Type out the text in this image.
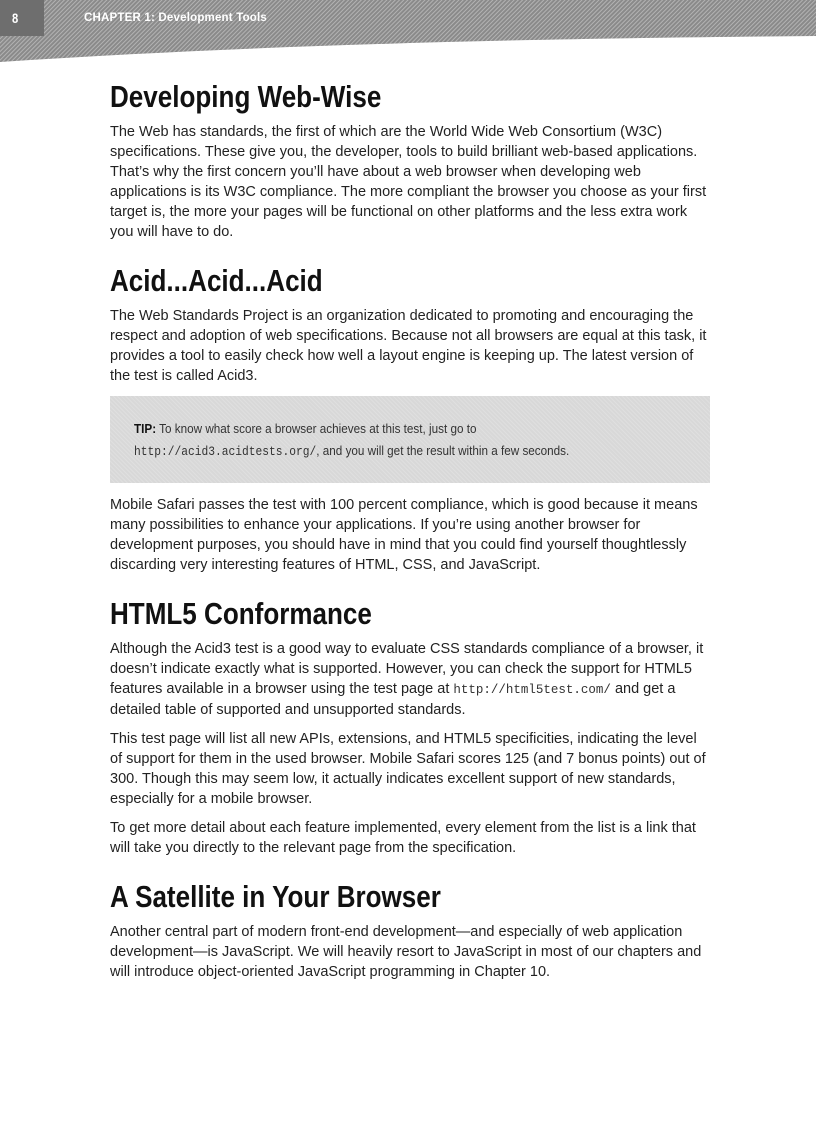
8	CHAPTER 1: Development Tools
Developing Web-Wise

The Web has standards, the first of which are the World Wide Web Consortium (W3C) specifications. These give you, the developer, tools to build brilliant web-based applications. That’s why the first concern you’ll have about a web browser when developing web applications is its W3C compliance. The more compliant the browser you choose as your first target is, the more your pages will be functional on other platforms and the less extra work you will have to do.

Acid...Acid...Acid

The Web Standards Project is an organization dedicated to promoting and encouraging the respect and adoption of web specifications. Because not all browsers are equal at this task, it provides a tool to easily check how well a layout engine is keeping up. The latest version of the test is called Acid3.

TIP: To know what score a browser achieves at this test, just go to
http://acid3.acidtests.org/, and you will get the result within a few seconds.

Mobile Safari passes the test with 100 percent compliance, which is good because it means many possibilities to enhance your applications. If you’re using another browser for development purposes, you should have in mind that you could find yourself thoughtlessly discarding very interesting features of HTML, CSS, and JavaScript.

HTML5 Conformance

Although the Acid3 test is a good way to evaluate CSS standards compliance of a browser, it doesn’t indicate exactly what is supported. However, you can check the support for HTML5 features available in a browser using the test page at http://html5test.com/ and get a detailed table of supported and unsupported standards.

This test page will list all new APIs, extensions, and HTML5 specificities, indicating the level of support for them in the used browser. Mobile Safari scores 125 (and 7 bonus points) out of 300. Though this may seem low, it actually indicates excellent support of new standards, especially for a mobile browser.

To get more detail about each feature implemented, every element from the list is a link that will take you directly to the relevant page from the specification.

A Satellite in Your Browser

Another central part of modern front-end development—and especially of web application development—is JavaScript. We will heavily resort to JavaScript in most of our chapters and will introduce object-oriented JavaScript programming in Chapter 10.
